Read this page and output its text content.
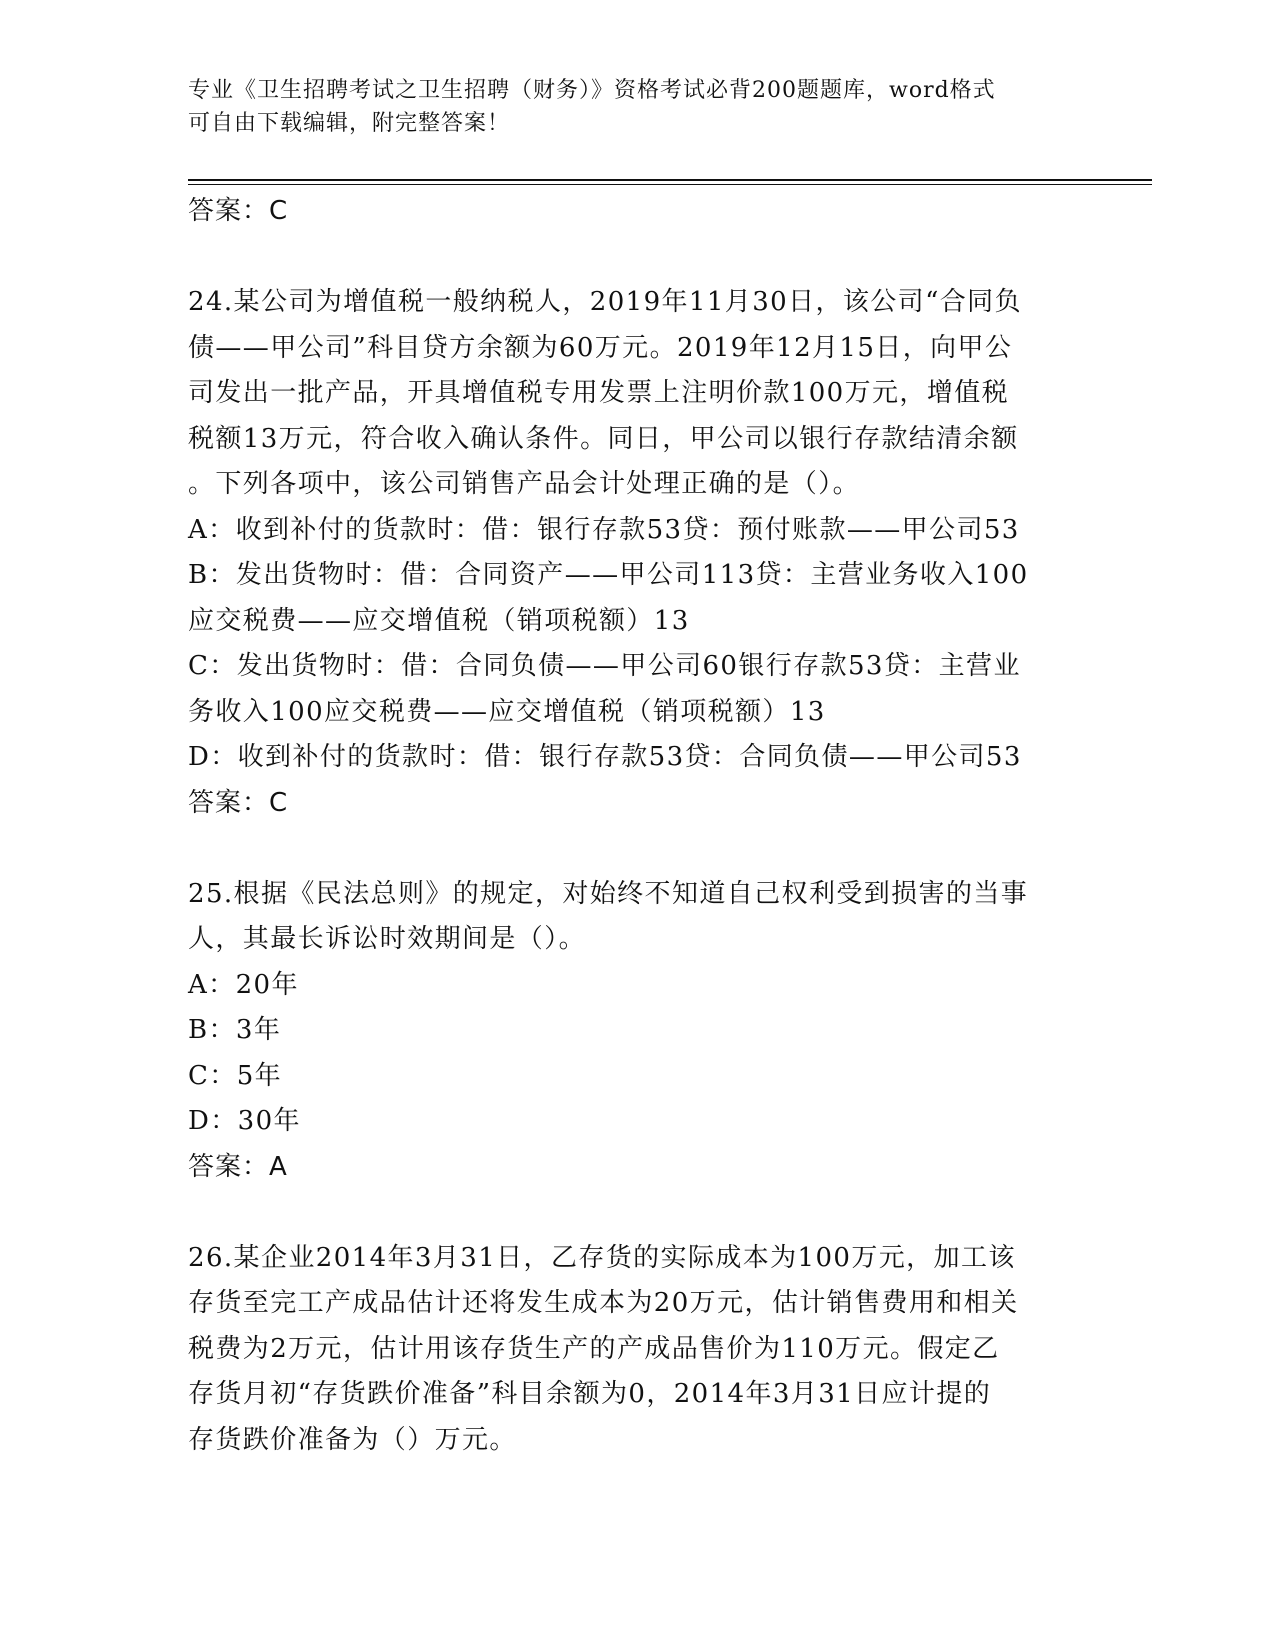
专业《卫生招聘考试之卫生招聘（财务）》资格考试必背200题题库，word格式
可自由下载编辑，附完整答案！
答案：C
24.某公司为增值税一般纳税人，2019年11月30日，该公司“合同负
债——甲公司”科目贷方余额为60万元。2019年12月15日，向甲公
司发出一批产品，开具增值税专用发票上注明价款100万元，增值税
税额13万元，符合收入确认条件。同日，甲公司以银行存款结清余额
。下列各项中，该公司销售产品会计处理正确的是（）。
A：收到补付的货款时：借：银行存款53贷：预付账款——甲公司53
B：发出货物时：借：合同资产——甲公司113贷：主营业务收入100
应交税费——应交增值税（销项税额）13
C：发出货物时：借：合同负债——甲公司60银行存款53贷：主营业
务收入100应交税费——应交增值税（销项税额）13
D：收到补付的货款时：借：银行存款53贷：合同负债——甲公司53
答案：C
25.根据《民法总则》的规定，对始终不知道自己权利受到损害的当事
人，其最长诉讼时效期间是（）。
A：20年
B：3年
C：5年
D：30年
答案：A
26.某企业2014年3月31日，乙存货的实际成本为100万元，加工该
存货至完工产成品估计还将发生成本为20万元，估计销售费用和相关
税费为2万元，估计用该存货生产的产成品售价为110万元。假定乙
存货月初“存货跌价准备”科目余额为0，2014年3月31日应计提的
存货跌价准备为（）万元。
